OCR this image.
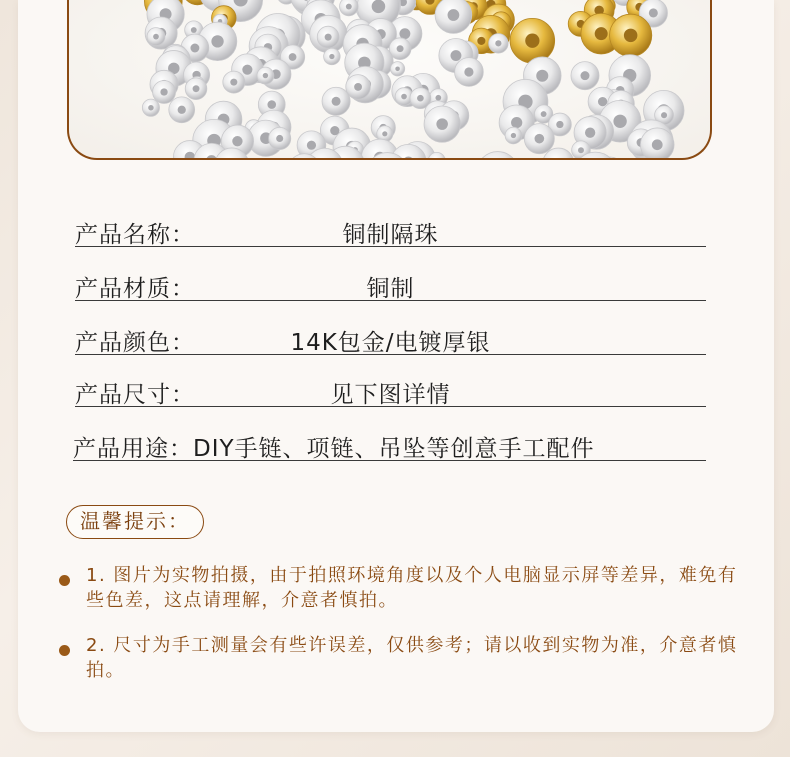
产品名称：	铜制隔珠
产品材质：	铜制
产品颜色：	14K包金/电镀厚银
产品尺寸：	见下图详情
产品用途：DIY手链、项链、吊坠等创意手工配件
温馨提示：
1. 图片为实物拍摄，由于拍照环境角度以及个人电脑显示屏等差异，难免有些色差，这点请理解，介意者慎拍。
2. 尺寸为手工测量会有些许误差，仅供参考；请以收到实物为准，介意者慎拍。
